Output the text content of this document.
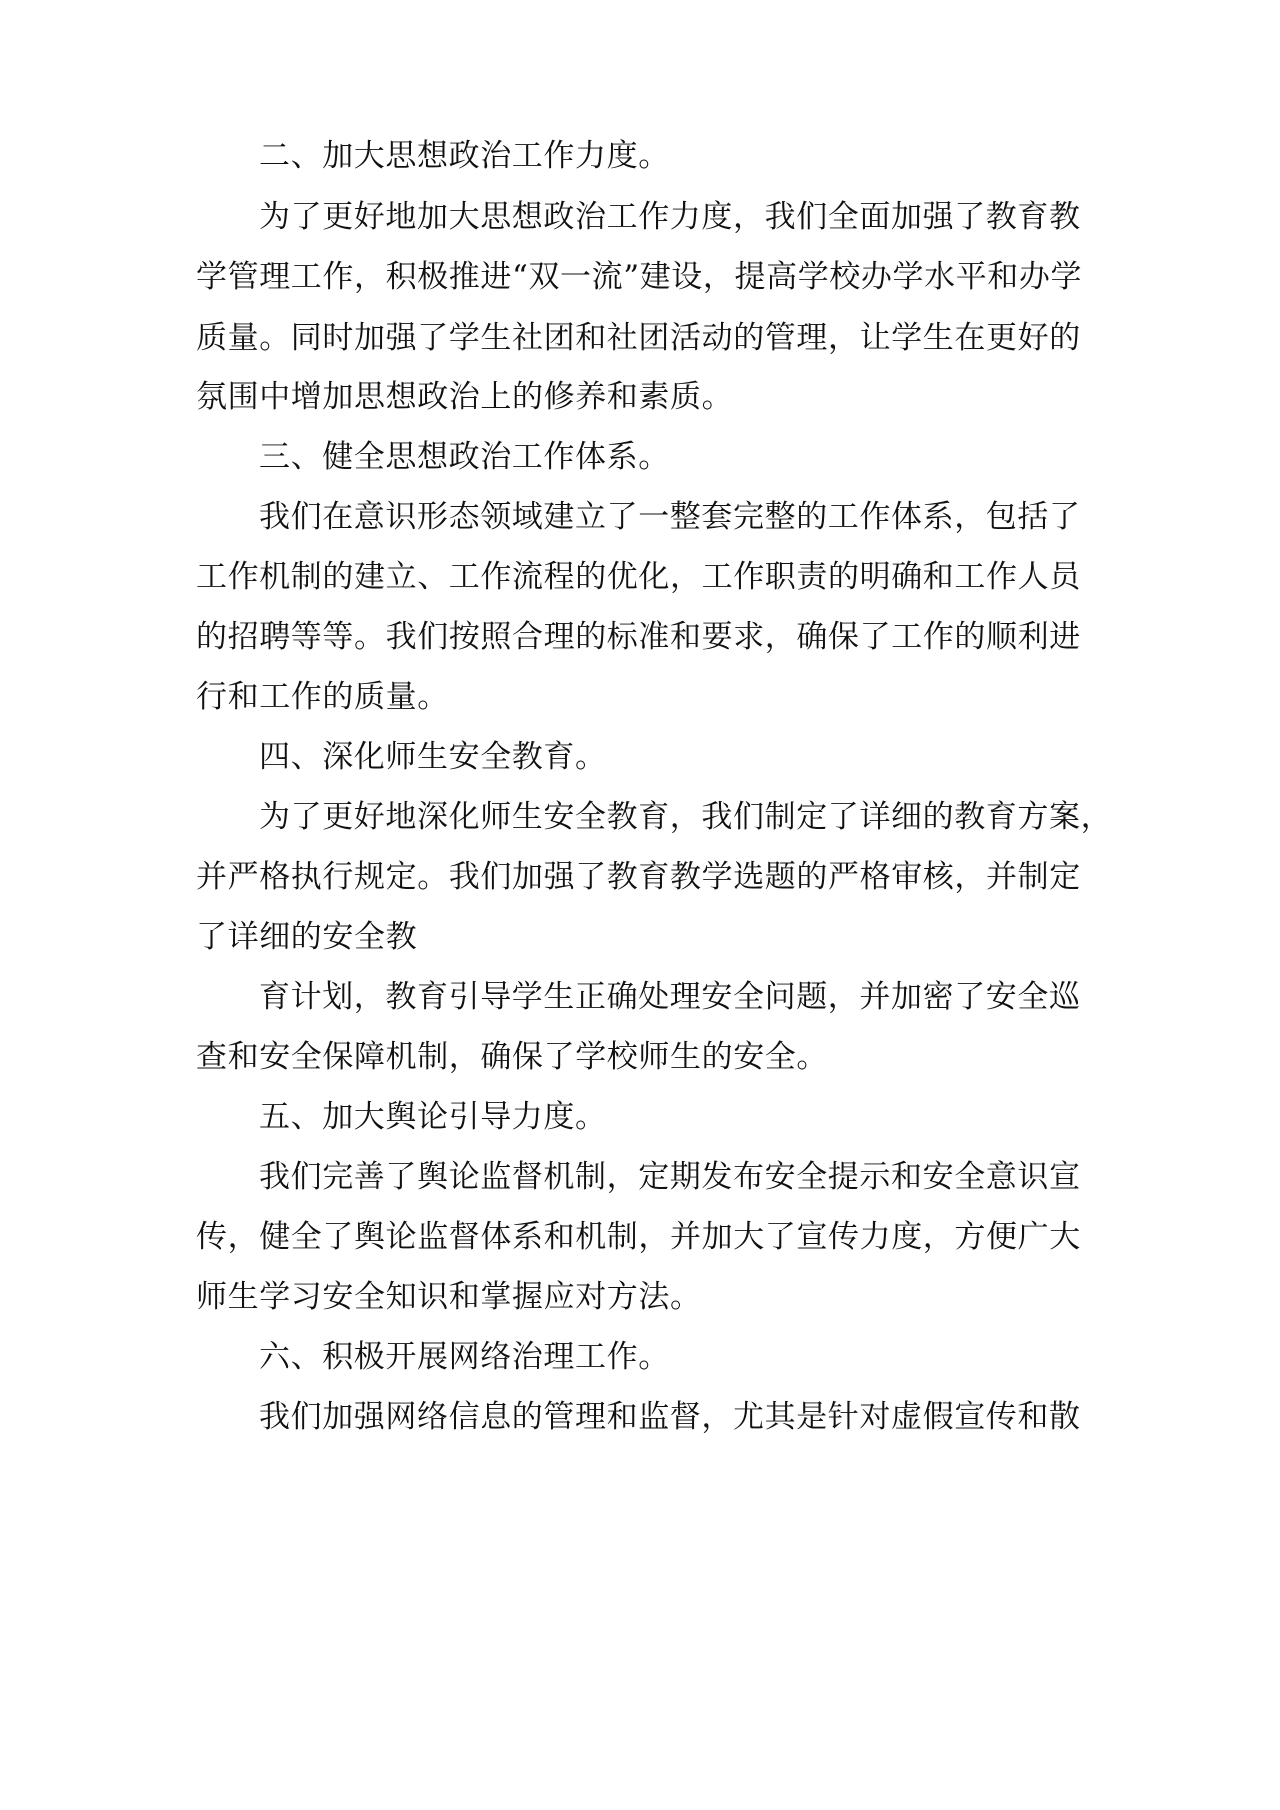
二、加大思想政治工作力度。
为了更好地加大思想政治工作力度，我们全面加强了教育教
学管理工作，积极推进“双一流”建设，提高学校办学水平和办学
质量。同时加强了学生社团和社团活动的管理，让学生在更好的
氛围中增加思想政治上的修养和素质。
三、健全思想政治工作体系。
我们在意识形态领域建立了一整套完整的工作体系，包括了
工作机制的建立、工作流程的优化，工作职责的明确和工作人员
的招聘等等。我们按照合理的标准和要求，确保了工作的顺利进
行和工作的质量。
四、深化师生安全教育。
为了更好地深化师生安全教育，我们制定了详细的教育方案，
并严格执行规定。我们加强了教育教学选题的严格审核，并制定
了详细的安全教
育计划，教育引导学生正确处理安全问题，并加密了安全巡
查和安全保障机制，确保了学校师生的安全。
五、加大舆论引导力度。
我们完善了舆论监督机制，定期发布安全提示和安全意识宣
传，健全了舆论监督体系和机制，并加大了宣传力度，方便广大
师生学习安全知识和掌握应对方法。
六、积极开展网络治理工作。
我们加强网络信息的管理和监督，尤其是针对虚假宣传和散
